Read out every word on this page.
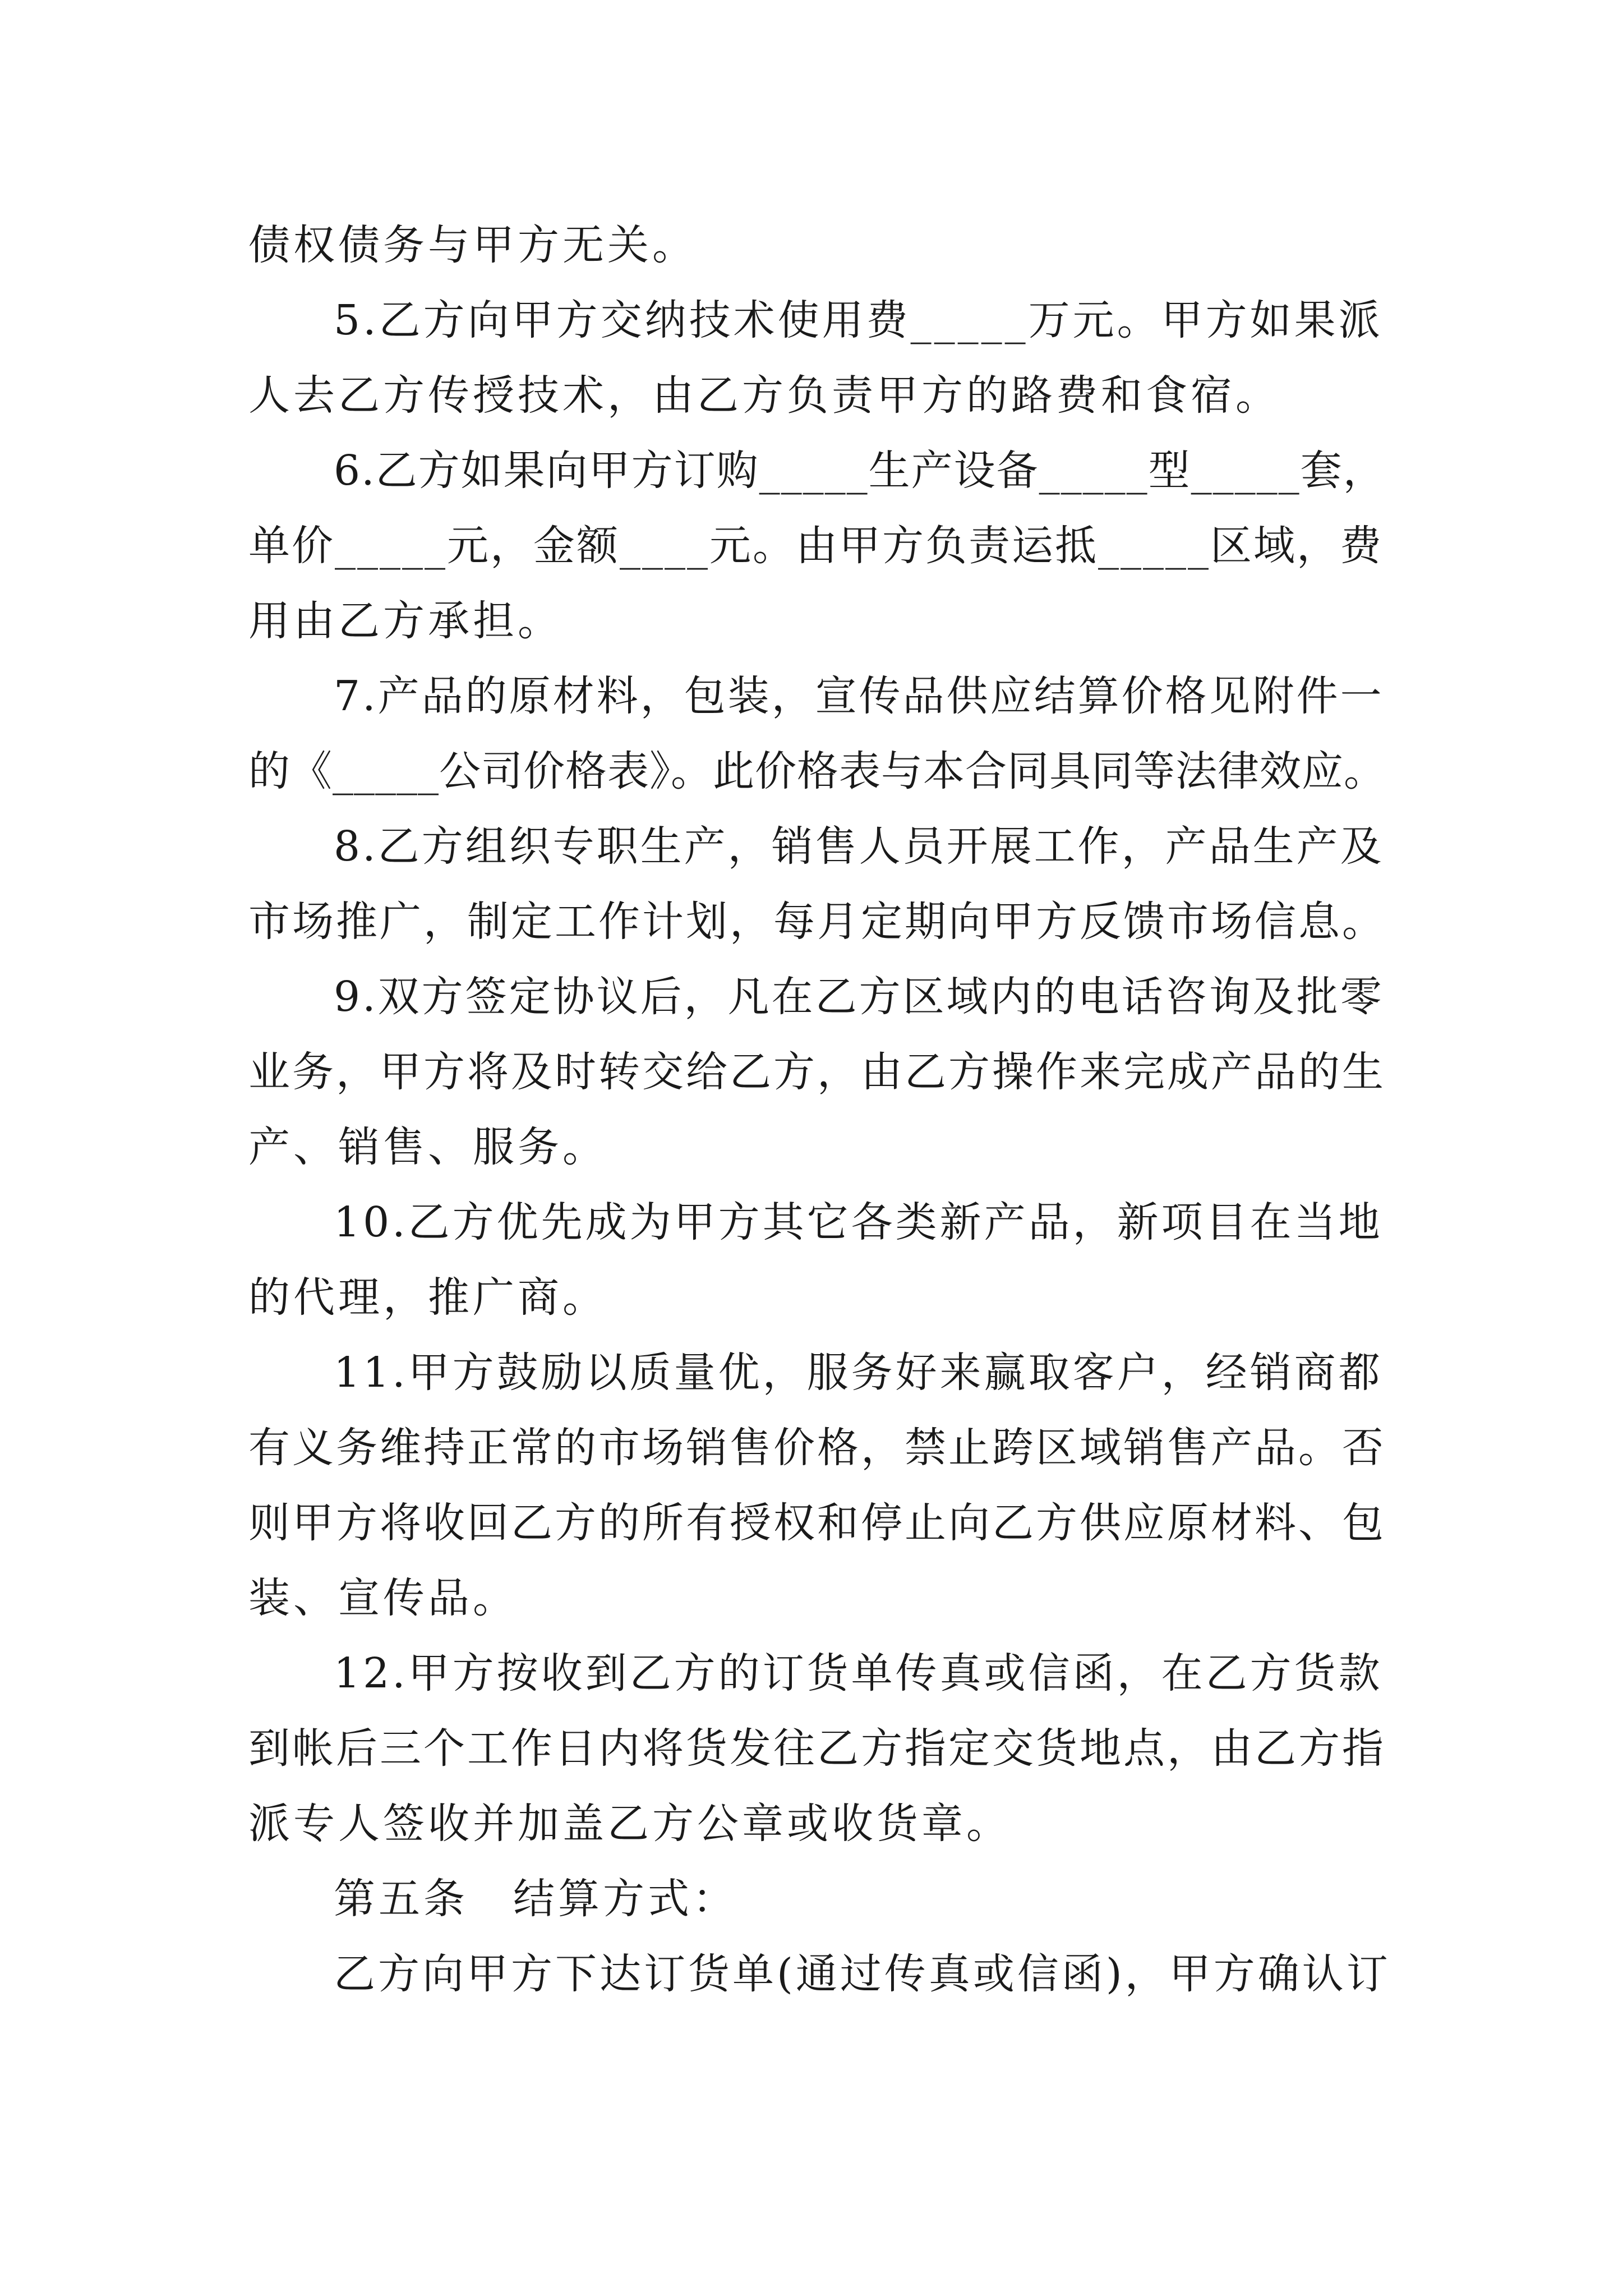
债权债务与甲方无关。
5.乙方向甲方交纳技术使用费_____万元。甲方如果派
人去乙方传授技术，由乙方负责甲方的路费和食宿。
6.乙方如果向甲方订购_____生产设备_____型_____套，
单价_____元，金额____元。由甲方负责运抵_____区域，费
用由乙方承担。
7.产品的原材料，包装，宣传品供应结算价格见附件一
的《_____公司价格表》。此价格表与本合同具同等法律效应。
8.乙方组织专职生产，销售人员开展工作，产品生产及
市场推广，制定工作计划，每月定期向甲方反馈市场信息。
9.双方签定协议后，凡在乙方区域内的电话咨询及批零
业务，甲方将及时转交给乙方，由乙方操作来完成产品的生
产、销售、服务。
10.乙方优先成为甲方其它各类新产品，新项目在当地
的代理，推广商。
11.甲方鼓励以质量优，服务好来赢取客户，经销商都
有义务维持正常的市场销售价格，禁止跨区域销售产品。否
则甲方将收回乙方的所有授权和停止向乙方供应原材料、包
装、宣传品。
12.甲方按收到乙方的订货单传真或信函，在乙方货款
到帐后三个工作日内将货发往乙方指定交货地点，由乙方指
派专人签收并加盖乙方公章或收货章。
第五条　结算方式：
乙方向甲方下达订货单(通过传真或信函)，甲方确认订
